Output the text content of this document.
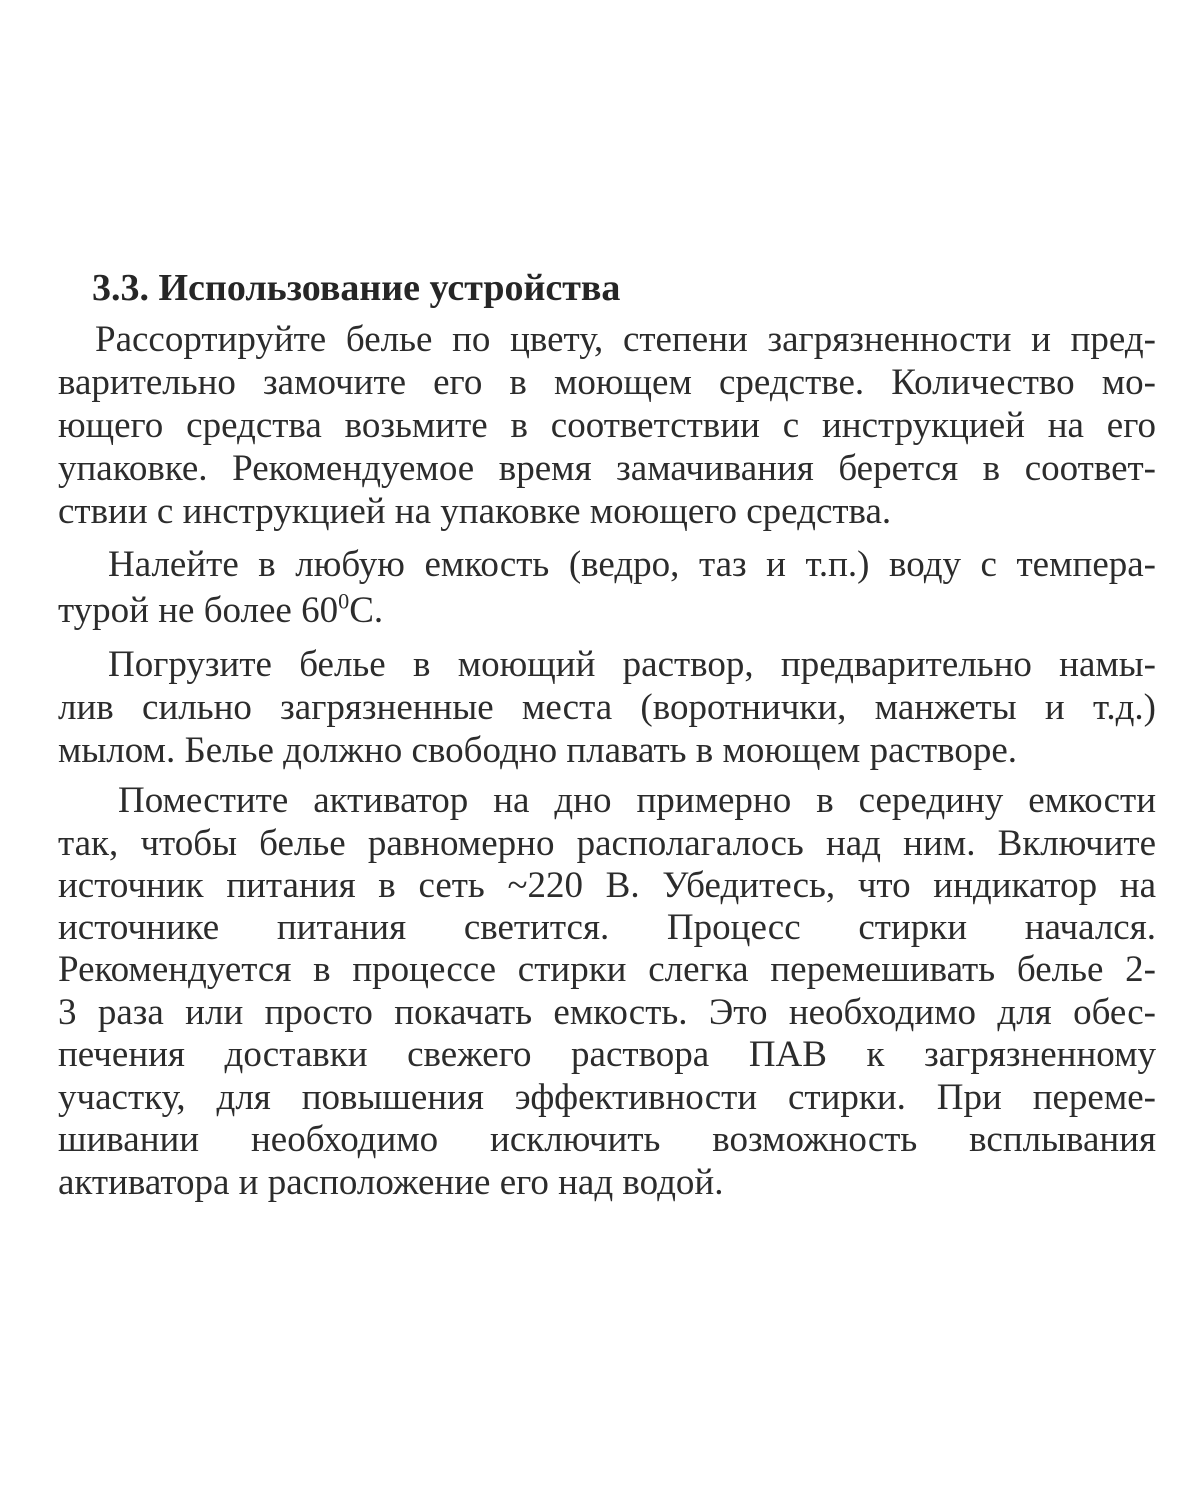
3.3. Использование устройства
Рассортируйте белье по цвету, степени загрязненности и пред-
варительно замочите его в моющем средстве. Количество мо-
ющего средства возьмите в соответствии с инструкцией на его
упаковке. Рекомендуемое время замачивания берется в соответ-
ствии с инструкцией на упаковке моющего средства.
Налейте в любую емкость (ведро, таз и т.п.) воду с темпера-
турой не более $60^0С$.
Погрузите белье в моющий раствор, предварительно намы-
лив сильно загрязненные места (воротнички, манжеты и т.д.)
мылом. Белье должно свободно плавать в моющем растворе.
Поместите активатор на дно примерно в середину емкости
так, чтобы белье равномерно располагалось над ним. Включите
источник питания в сеть ~220 В. Убедитесь, что индикатор на
источнике питания светится. Процесс стирки начался.
Рекомендуется в процессе стирки слегка перемешивать белье 2-
3 раза или просто покачать емкость. Это необходимо для обес-
печения доставки свежего раствора ПАВ к загрязненному
участку, для повышения эффективности стирки. При переме-
шивании необходимо исключить возможность всплывания
активатора и расположение его над водой.
